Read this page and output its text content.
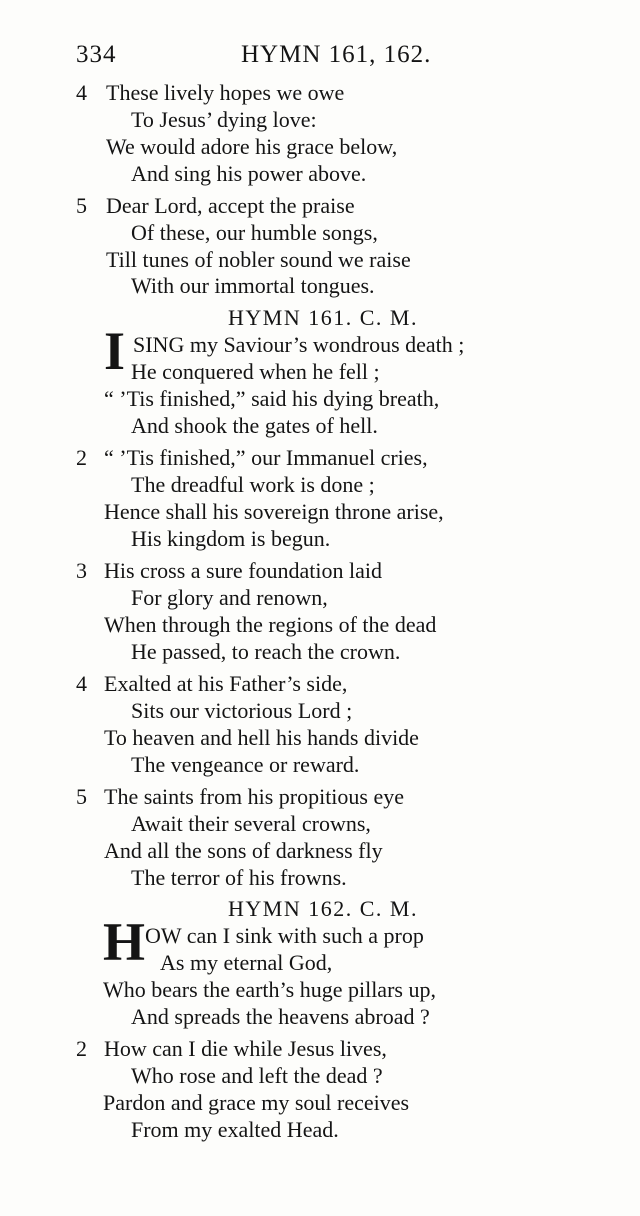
334	HYMN 161, 162.
4 These lively hopes we owe
To Jesus’ dying love:
We would adore his grace below,
And sing his power above.
5 Dear Lord, accept the praise
Of these, our humble songs,
Till tunes of nobler sound we raise
With our immortal tongues.
HYMN 161. C. M.
I SING my Saviour’s wondrous death ;
He conquered when he fell ;
“ ’Tis finished,” said his dying breath,
And shook the gates of hell.
2 “ ’Tis finished,” our Immanuel cries,
The dreadful work is done ;
Hence shall his sovereign throne arise,
His kingdom is begun.
3 His cross a sure foundation laid
For glory and renown,
When through the regions of the dead
He passed, to reach the crown.
4 Exalted at his Father’s side,
Sits our victorious Lord ;
To heaven and hell his hands divide
The vengeance or reward.
5 The saints from his propitious eye
Await their several crowns,
And all the sons of darkness fly
The terror of his frowns.
HYMN 162. C. M.
H OW can I sink with such a prop
As my eternal God,
Who bears the earth’s huge pillars up,
And spreads the heavens abroad ?
2 How can I die while Jesus lives,
Who rose and left the dead ?
Pardon and grace my soul receives
From my exalted Head.
